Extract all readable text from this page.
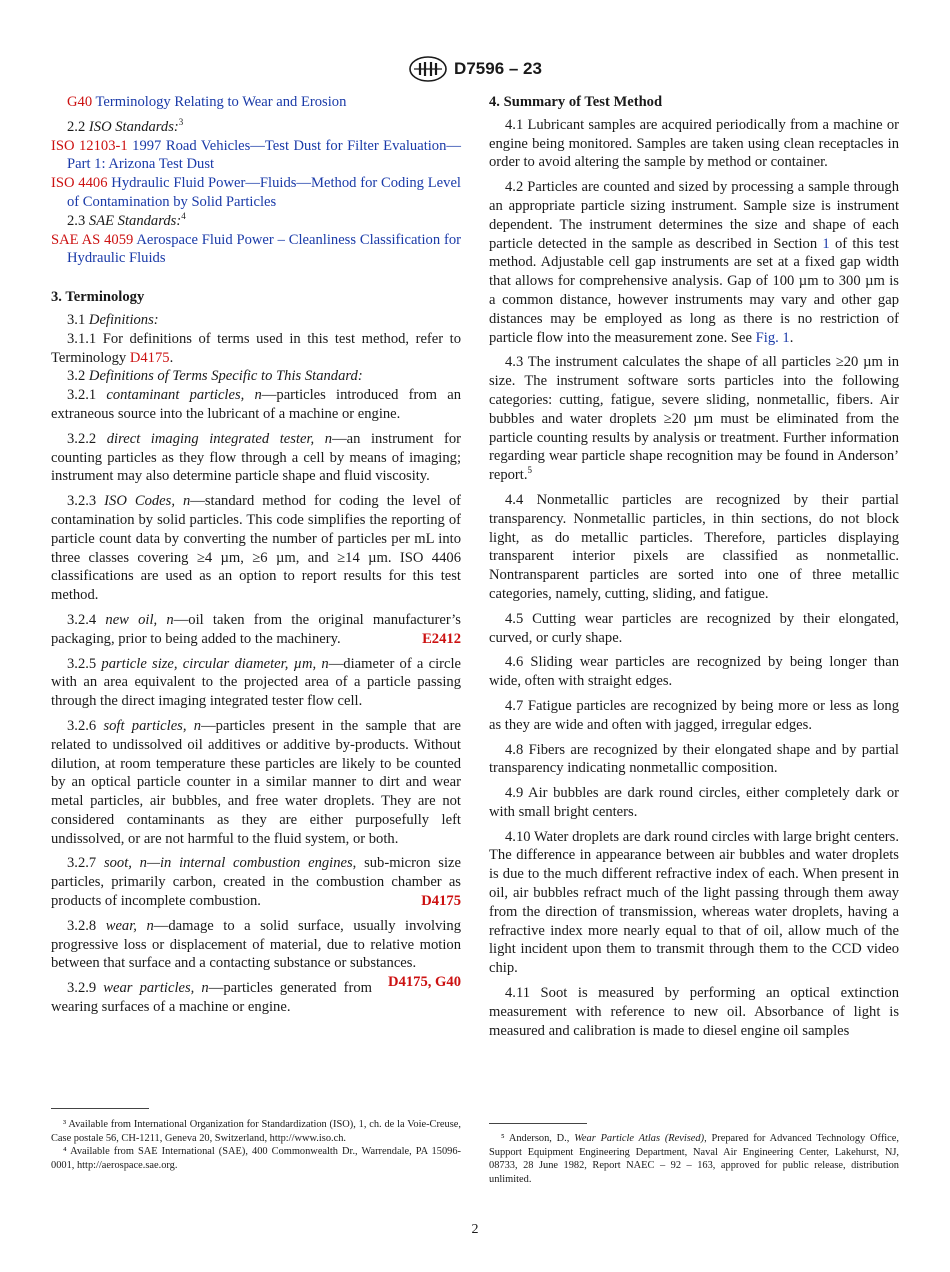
D7596 – 23

G40 Terminology Relating to Wear and Erosion

2.2 ISO Standards:$^3$

ISO 12103-1 1997 Road Vehicles—Test Dust for Filter Evaluation—Part 1: Arizona Test Dust

ISO 4406 Hydraulic Fluid Power—Fluids—Method for Coding Level of Contamination by Solid Particles

2.3 SAE Standards:$^4$

SAE AS 4059 Aerospace Fluid Power – Cleanliness Classification for Hydraulic Fluids

3. Terminology

3.1 Definitions:

3.1.1 For definitions of terms used in this test method, refer to Terminology D4175.

3.2 Definitions of Terms Specific to This Standard:

3.2.1 contaminant particles, n—particles introduced from an extraneous source into the lubricant of a machine or engine.

3.2.2 direct imaging integrated tester, n—an instrument for counting particles as they flow through a cell by means of imaging; instrument may also determine particle shape and fluid viscosity.

3.2.3 ISO Codes, n—standard method for coding the level of contamination by solid particles. This code simplifies the reporting of particle count data by converting the number of particles per mL into three classes covering ≥4 µm, ≥6 µm, and ≥14 µm. ISO 4406 classifications are used as an option to report results for this test method.

3.2.4 new oil, n—oil taken from the original manufacturer’s packaging, prior to being added to the machinery.	E2412

3.2.5 particle size, circular diameter, µm, n—diameter of a circle with an area equivalent to the projected area of a particle passing through the direct imaging integrated tester flow cell.

3.2.6 soft particles, n—particles present in the sample that are related to undissolved oil additives or additive by-products. Without dilution, at room temperature these particles are likely to be counted by an optical particle counter in a similar manner to dirt and wear metal particles, air bubbles, and free water droplets. They are not considered contaminants as they are either purposefully left undissolved, or are not harmful to the fluid system, or both.

3.2.7 soot, n—in internal combustion engines, sub-micron size particles, primarily carbon, created in the combustion chamber as products of incomplete combustion.	D4175

3.2.8 wear, n—damage to a solid surface, usually involving progressive loss or displacement of material, due to relative motion between that surface and a contacting substance or substances.
D4175, G40

3.2.9 wear particles, n—particles generated from wearing surfaces of a machine or engine.

4. Summary of Test Method

4.1 Lubricant samples are acquired periodically from a machine or engine being monitored. Samples are taken using clean receptacles in order to avoid altering the sample by method or container.

4.2 Particles are counted and sized by processing a sample through an appropriate particle sizing instrument. Sample size is instrument dependent. The instrument determines the size and shape of each particle detected in the sample as described in Section 1 of this test method. Adjustable cell gap instruments are set at a fixed gap width that allows for comprehensive analysis. Gap of 100 µm to 300 µm is a common distance, however instruments may vary and other gap distances may be employed as long as there is no restriction of particle flow into the measurement zone. See Fig. 1.

4.3 The instrument calculates the shape of all particles ≥20 µm in size. The instrument software sorts particles into the following categories: cutting, fatigue, severe sliding, nonmetallic, fibers. Air bubbles and water droplets ≥20 µm must be eliminated from the particle counting results by analysis or treatment. Further information regarding wear particle shape recognition may be found in Anderson’ report.$^5$

4.4 Nonmetallic particles are recognized by their partial transparency. Nonmetallic particles, in thin sections, do not block light, as do metallic particles. Therefore, particles displaying transparent interior pixels are classified as nonmetallic. Nontransparent particles are sorted into one of three metallic categories, namely, cutting, sliding, and fatigue.

4.5 Cutting wear particles are recognized by their elongated, curved, or curly shape.

4.6 Sliding wear particles are recognized by being longer than wide, often with straight edges.

4.7 Fatigue particles are recognized by being more or less as long as they are wide and often with jagged, irregular edges.

4.8 Fibers are recognized by their elongated shape and by partial transparency indicating nonmetallic composition.

4.9 Air bubbles are dark round circles, either completely dark or with small bright centers.

4.10 Water droplets are dark round circles with large bright centers. The difference in appearance between air bubbles and water droplets is due to the much different refractive index of each. When present in oil, air bubbles refract much of the light passing through them away from the direction of transmission, whereas water droplets, having a refractive index more nearly equal to that of oil, allow much of the light incident upon them to transmit through them to the CCD video chip.

4.11 Soot is measured by performing an optical extinction measurement with reference to new oil. Absorbance of light is measured and calibration is made to diesel engine oil samples

³ Available from International Organization for Standardization (ISO), 1, ch. de la Voie-Creuse, Case postale 56, CH-1211, Geneva 20, Switzerland, http://www.iso.ch.

⁴ Available from SAE International (SAE), 400 Commonwealth Dr., Warrendale, PA 15096-0001, http://aerospace.sae.org.

⁵ Anderson, D., Wear Particle Atlas (Revised), Prepared for Advanced Technology Office, Support Equipment Engineering Department, Naval Air Engineering Center, Lakehurst, NJ, 08733, 28 June 1982, Report NAEC – 92 – 163, approved for public release, distribution unlimited.

2
